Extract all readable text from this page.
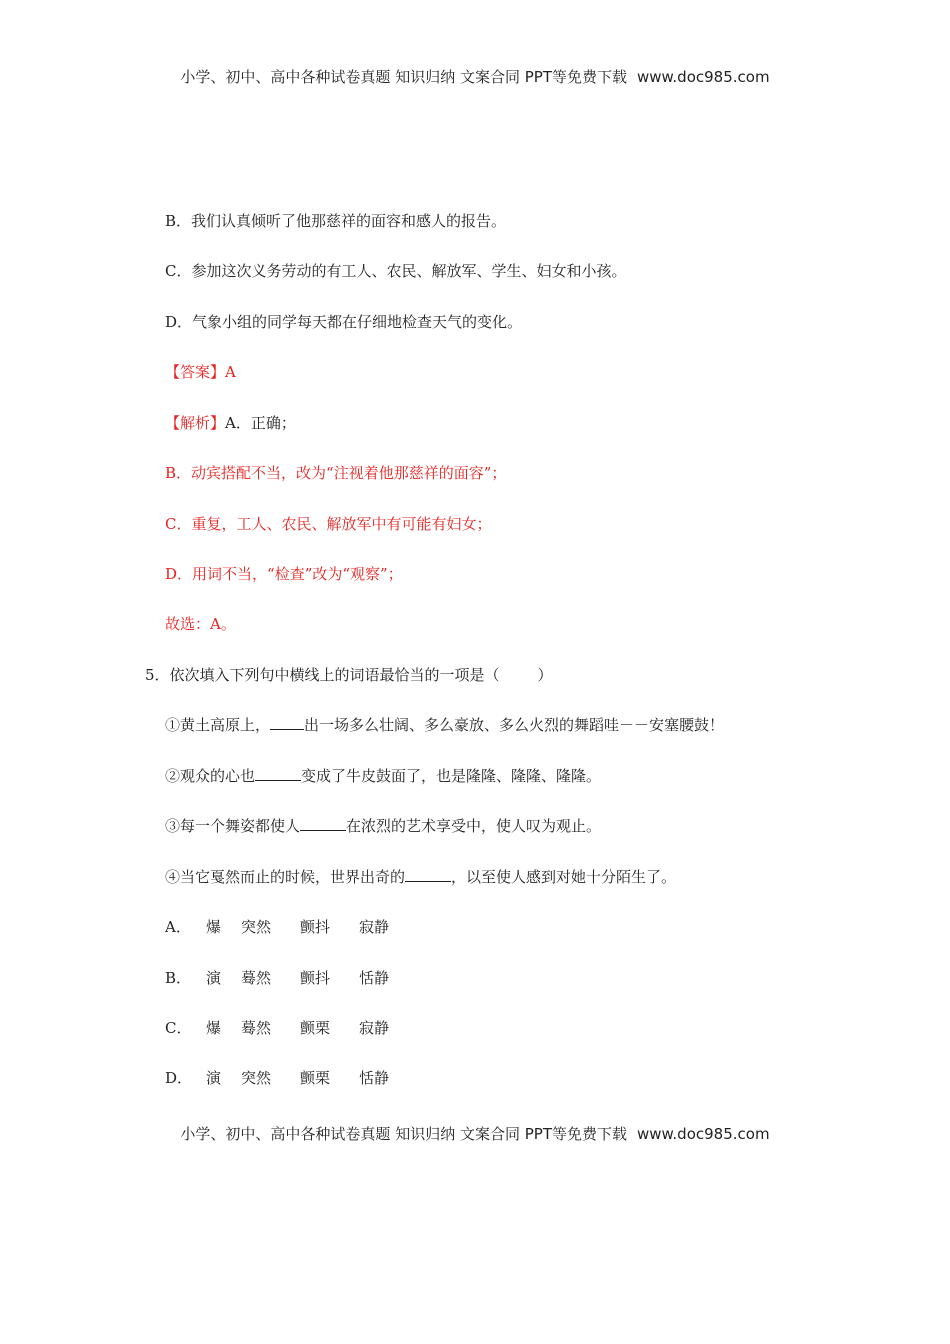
小学、初中、高中各种试卷真题 知识归纳 文案合同 PPT等免费下载 www.doc985.com
B．我们认真倾听了他那慈祥的面容和感人的报告。
C．参加这次义务劳动的有工人、农民、解放军、学生、妇女和小孩。
D．气象小组的同学每天都在仔细地检查天气的变化。
【答案】A
【解析】A．正确；
B．动宾搭配不当，改为“注视着他那慈祥的面容”；
C．重复，工人、农民、解放军中有可能有妇女；
D．用词不当，“检查”改为“观察”；
故选：A。
5．依次填入下列句中横线上的词语最恰当的一项是（	）
①黄土高原上， 出一场多么壮阔、多么豪放、多么火烈的舞蹈哇－－安塞腰鼓！
②观众的心也	变成了牛皮鼓面了，也是隆隆、隆隆、隆隆。
③每一个舞姿都使人	在浓烈的艺术享受中，使人叹为观止。
④当它戛然而止的时候，世界出奇的	，以至使人感到对她十分陌生了。
A． 爆 突然 颤抖 寂静
B． 演 蓦然 颤抖 恬静
C． 爆 蓦然 颤栗 寂静
D． 演 突然 颤栗 恬静
小学、初中、高中各种试卷真题 知识归纳 文案合同 PPT等免费下载 www.doc985.com
